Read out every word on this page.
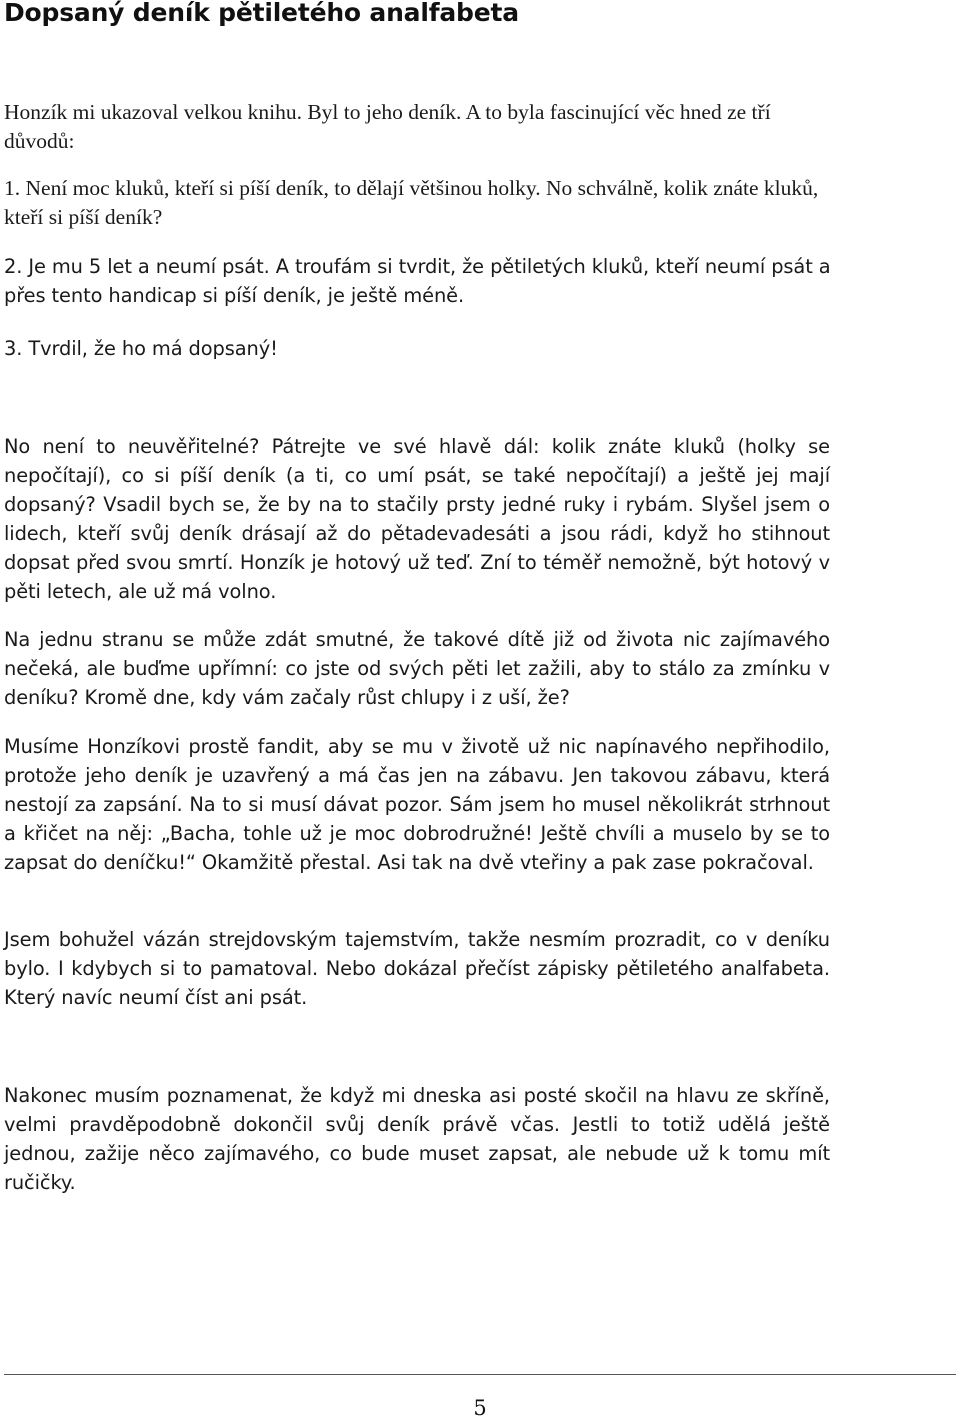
Dopsaný deník pětiletého analfabeta

Honzík mi ukazoval velkou knihu. Byl to jeho deník. A to byla fascinující věc hned ze tří důvodů:

1. Není moc kluků, kteří si píší deník, to dělají většinou holky. No schválně, kolik znáte kluků, kteří si píší deník?

2. Je mu 5 let a neumí psát. A troufám si tvrdit, že pětiletých kluků, kteří neumí psát a přes tento handicap si píší deník, je ještě méně.

3. Tvrdil, že ho má dopsaný!

No není to neuvěřitelné? Pátrejte ve své hlavě dál: kolik znáte kluků (holky se nepočítají), co si píší deník (a ti, co umí psát, se také nepočítají) a ještě jej mají dopsaný? Vsadil bych se, že by na to stačily prsty jedné ruky i rybám. Slyšel jsem o lidech, kteří svůj deník drásají až do pětadevadesáti a jsou rádi, když ho stihnout dopsat před svou smrtí. Honzík je hotový už teď. Zní to téměř nemožně, být hotový v pěti letech, ale už má volno.

Na jednu stranu se může zdát smutné, že takové dítě již od života nic zajímavého nečeká, ale buďme upřímní: co jste od svých pěti let zažili, aby to stálo za zmínku v deníku? Kromě dne, kdy vám začaly růst chlupy i z uší, že?

Musíme Honzíkovi prostě fandit, aby se mu v životě už nic napínavého nepřihodilo, protože jeho deník je uzavřený a má čas jen na zábavu. Jen takovou zábavu, která nestojí za zapsání. Na to si musí dávat pozor. Sám jsem ho musel několikrát strhnout a křičet na něj: „Bacha, tohle už je moc dobrodružné! Ještě chvíli a muselo by se to zapsat do deníčku!“ Okamžitě přestal. Asi tak na dvě vteřiny a pak zase pokračoval.

Jsem bohužel vázán strejdovským tajemstvím, takže nesmím prozradit, co v deníku bylo. I kdybych si to pamatoval. Nebo dokázal přečíst zápisky pětiletého analfabeta. Který navíc neumí číst ani psát.

Nakonec musím poznamenat, že když mi dneska asi posté skočil na hlavu ze skříně, velmi pravděpodobně dokončil svůj deník právě včas. Jestli to totiž udělá ještě jednou, zažije něco zajímavého, co bude muset zapsat, ale nebude už k tomu mít ručičky.

5
